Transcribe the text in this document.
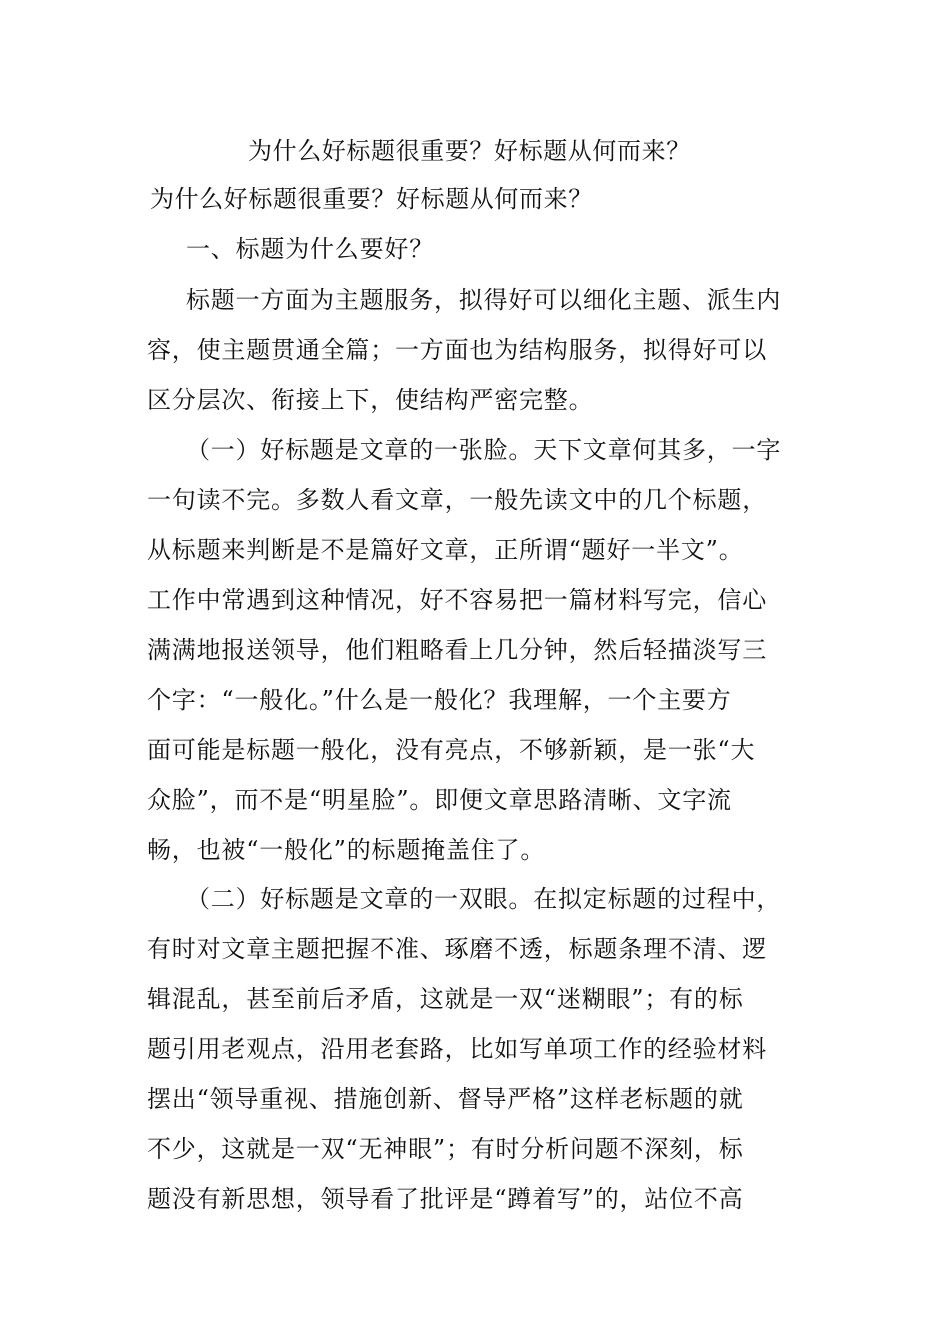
为什么好标题很重要？好标题从何而来？
为什么好标题很重要？好标题从何而来？
一、标题为什么要好？
标题一方面为主题服务，拟得好可以细化主题、派生内
容，使主题贯通全篇；一方面也为结构服务，拟得好可以
区分层次、衔接上下，使结构严密完整。
（一）好标题是文章的一张脸。天下文章何其多，一字
一句读不完。多数人看文章，一般先读文中的几个标题，
从标题来判断是不是篇好文章，正所谓“题好一半文”。
工作中常遇到这种情况，好不容易把一篇材料写完，信心
满满地报送领导，他们粗略看上几分钟，然后轻描淡写三
个字：“一般化。”什么是一般化？我理解，一个主要方
面可能是标题一般化，没有亮点，不够新颖，是一张“大
众脸”，而不是“明星脸”。即便文章思路清晰、文字流
畅，也被“一般化”的标题掩盖住了。
（二）好标题是文章的一双眼。在拟定标题的过程中，
有时对文章主题把握不准、琢磨不透，标题条理不清、逻
辑混乱，甚至前后矛盾，这就是一双“迷糊眼”；有的标
题引用老观点，沿用老套路，比如写单项工作的经验材料
摆出“领导重视、措施创新、督导严格”这样老标题的就
不少，这就是一双“无神眼”；有时分析问题不深刻，标
题没有新思想，领导看了批评是“蹲着写”的，站位不高
